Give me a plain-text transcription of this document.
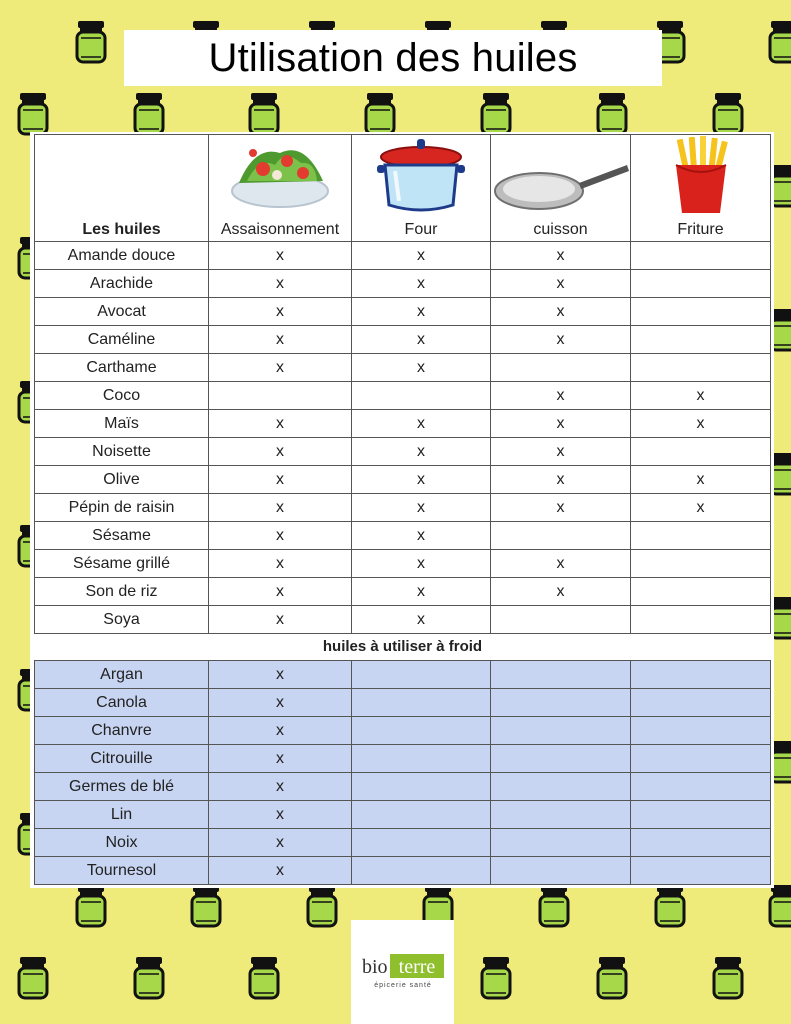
Utilisation des huiles
Les huiles	Assaisonnement	Four	cuisson	Friture
Amande douce	x	x	x	
Arachide	x	x	x	
Avocat	x	x	x	
Caméline	x	x	x	
Carthame	x	x		
Coco			x	x
Maïs	x	x	x	x
Noisette	x	x	x	
Olive	x	x	x	x
Pépin de raisin	x	x	x	x
Sésame	x	x		
Sésame grillé	x	x	x	
Son de riz	x	x	x	
Soya	x	x		
huiles à utiliser à froid				
Argan	x			
Canola	x			
Chanvre	x			
Citrouille	x			
Germes de blé	x			
Lin	x			
Noix	x			
Tournesol	x			
bio terre
épicerie santé
